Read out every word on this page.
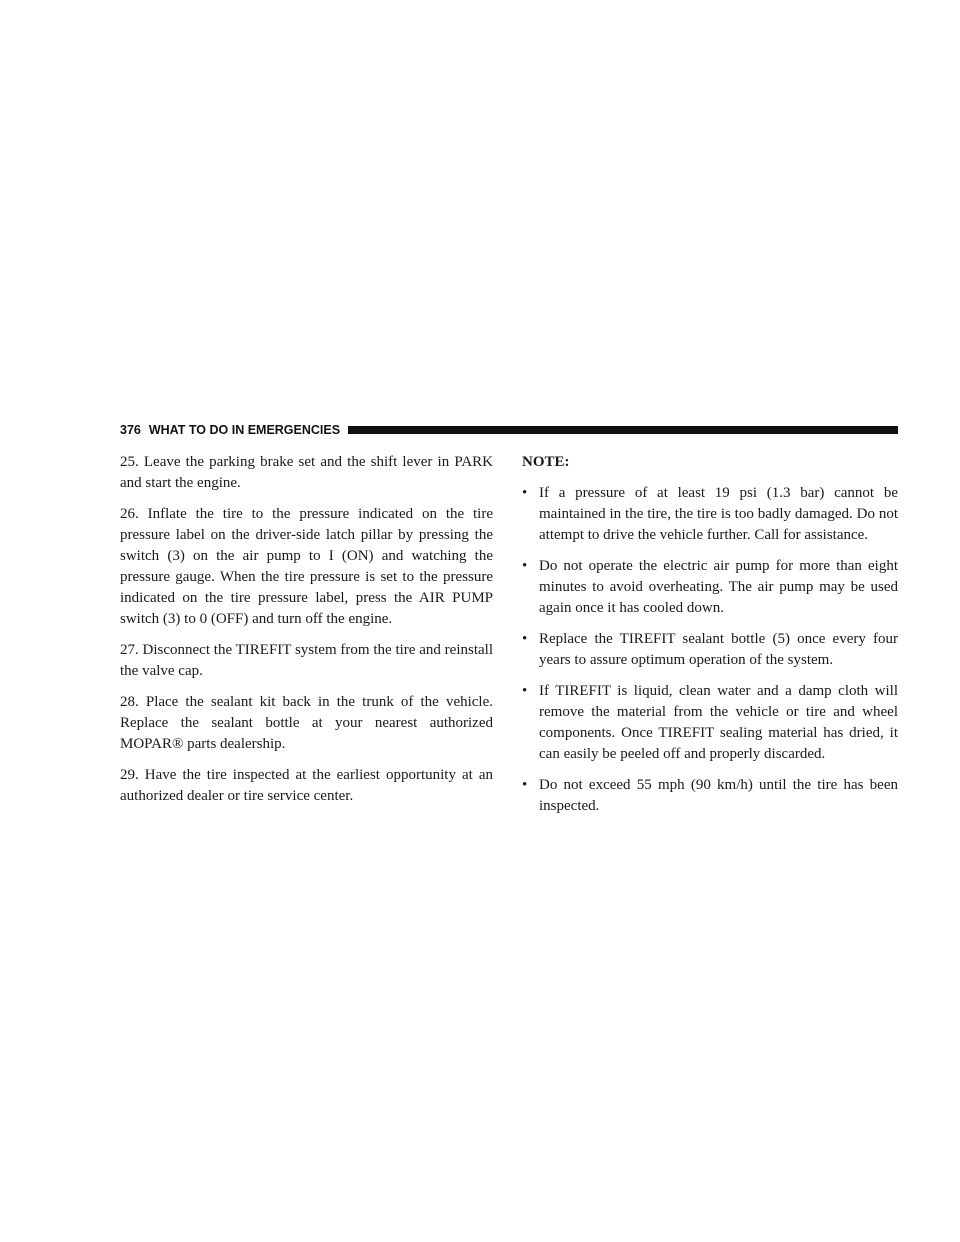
376 WHAT TO DO IN EMERGENCIES

25. Leave the parking brake set and the shift lever in PARK and start the engine.

26. Inflate the tire to the pressure indicated on the tire pressure label on the driver-side latch pillar by pressing the switch (3) on the air pump to I (ON) and watching the pressure gauge. When the tire pressure is set to the pressure indicated on the tire pressure label, press the AIR PUMP switch (3) to 0 (OFF) and turn off the engine.

27. Disconnect the TIREFIT system from the tire and reinstall the valve cap.

28. Place the sealant kit back in the trunk of the vehicle. Replace the sealant bottle at your nearest authorized MOPAR® parts dealership.

29. Have the tire inspected at the earliest opportunity at an authorized dealer or tire service center.

NOTE:

• If a pressure of at least 19 psi (1.3 bar) cannot be maintained in the tire, the tire is too badly damaged. Do not attempt to drive the vehicle further. Call for assistance.
• Do not operate the electric air pump for more than eight minutes to avoid overheating. The air pump may be used again once it has cooled down.
• Replace the TIREFIT sealant bottle (5) once every four years to assure optimum operation of the system.
• If TIREFIT is liquid, clean water and a damp cloth will remove the material from the vehicle or tire and wheel components. Once TIREFIT sealing material has dried, it can easily be peeled off and properly discarded.
• Do not exceed 55 mph (90 km/h) until the tire has been inspected.
